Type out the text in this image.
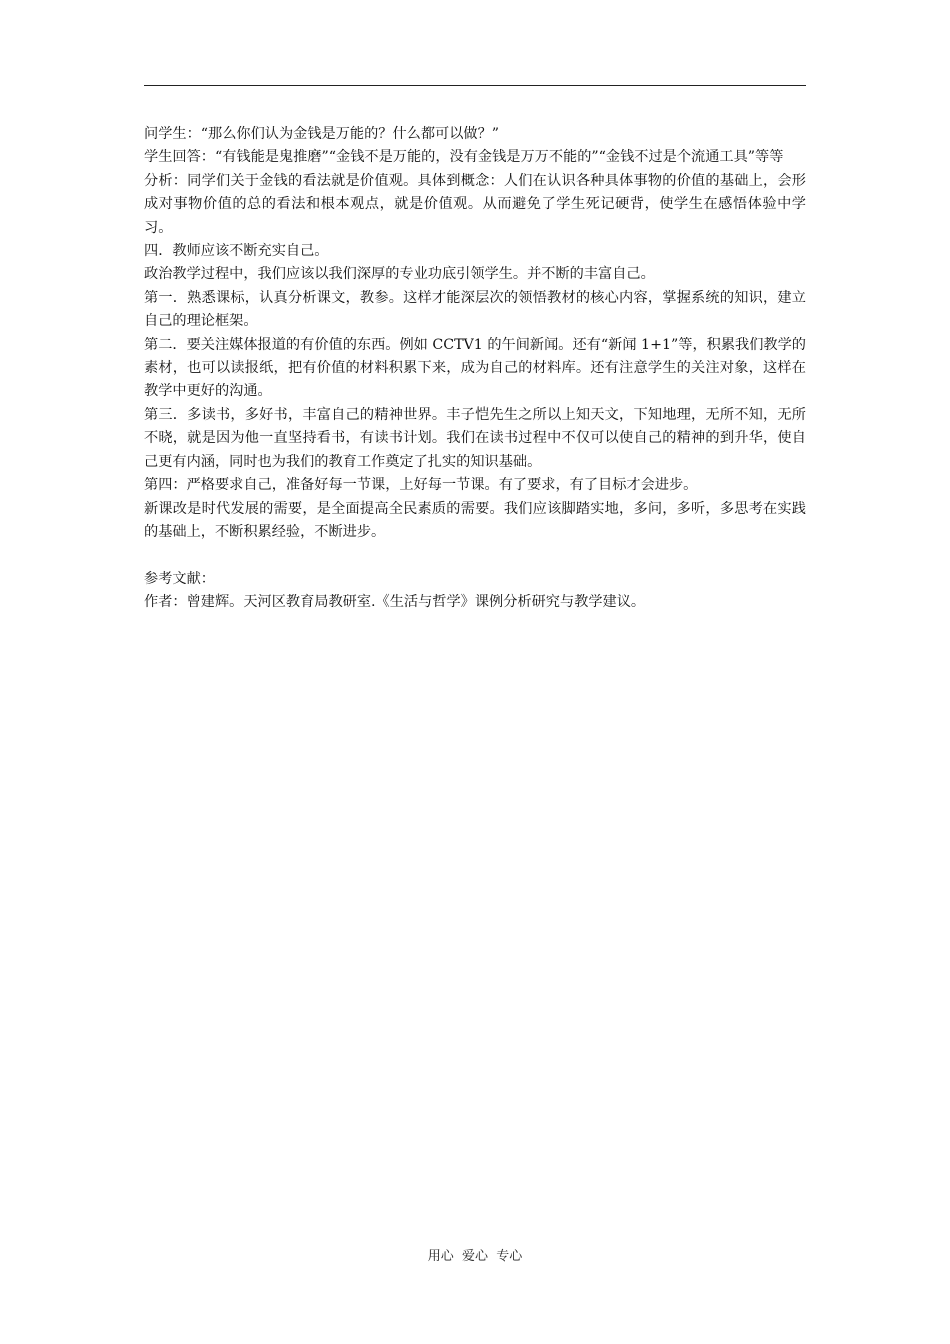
问学生：“那么你们认为金钱是万能的？什么都可以做？”

学生回答：“有钱能是鬼推磨”“金钱不是万能的，没有金钱是万万不能的”“金钱不过是个流通工具”等等

分析：同学们关于金钱的看法就是价值观。具体到概念：人们在认识各种具体事物的价值的基础上，会形成对事物价值的总的看法和根本观点，就是价值观。从而避免了学生死记硬背，使学生在感悟体验中学习。

四．教师应该不断充实自己。

政治教学过程中，我们应该以我们深厚的专业功底引领学生。并不断的丰富自己。

第一．熟悉课标，认真分析课文，教参。这样才能深层次的领悟教材的核心内容，掌握系统的知识，建立自己的理论框架。

第二．要关注媒体报道的有价值的东西。例如 CCTV1 的午间新闻。还有“新闻 1+1”等，积累我们教学的素材，也可以读报纸，把有价值的材料积累下来，成为自己的材料库。还有注意学生的关注对象，这样在教学中更好的沟通。

第三．多读书，多好书，丰富自己的精神世界。丰子恺先生之所以上知天文，下知地理，无所不知，无所不晓，就是因为他一直坚持看书，有读书计划。我们在读书过程中不仅可以使自己的精神的到升华，使自己更有内涵，同时也为我们的教育工作奠定了扎实的知识基础。

第四：严格要求自己，准备好每一节课，上好每一节课。有了要求，有了目标才会进步。

新课改是时代发展的需要，是全面提高全民素质的需要。我们应该脚踏实地，多问，多听，多思考在实践的基础上，不断积累经验，不断进步。

参考文献：

作者：曾建辉。天河区教育局教研室.《生活与哲学》课例分析研究与教学建议。

用心  爱心  专心
